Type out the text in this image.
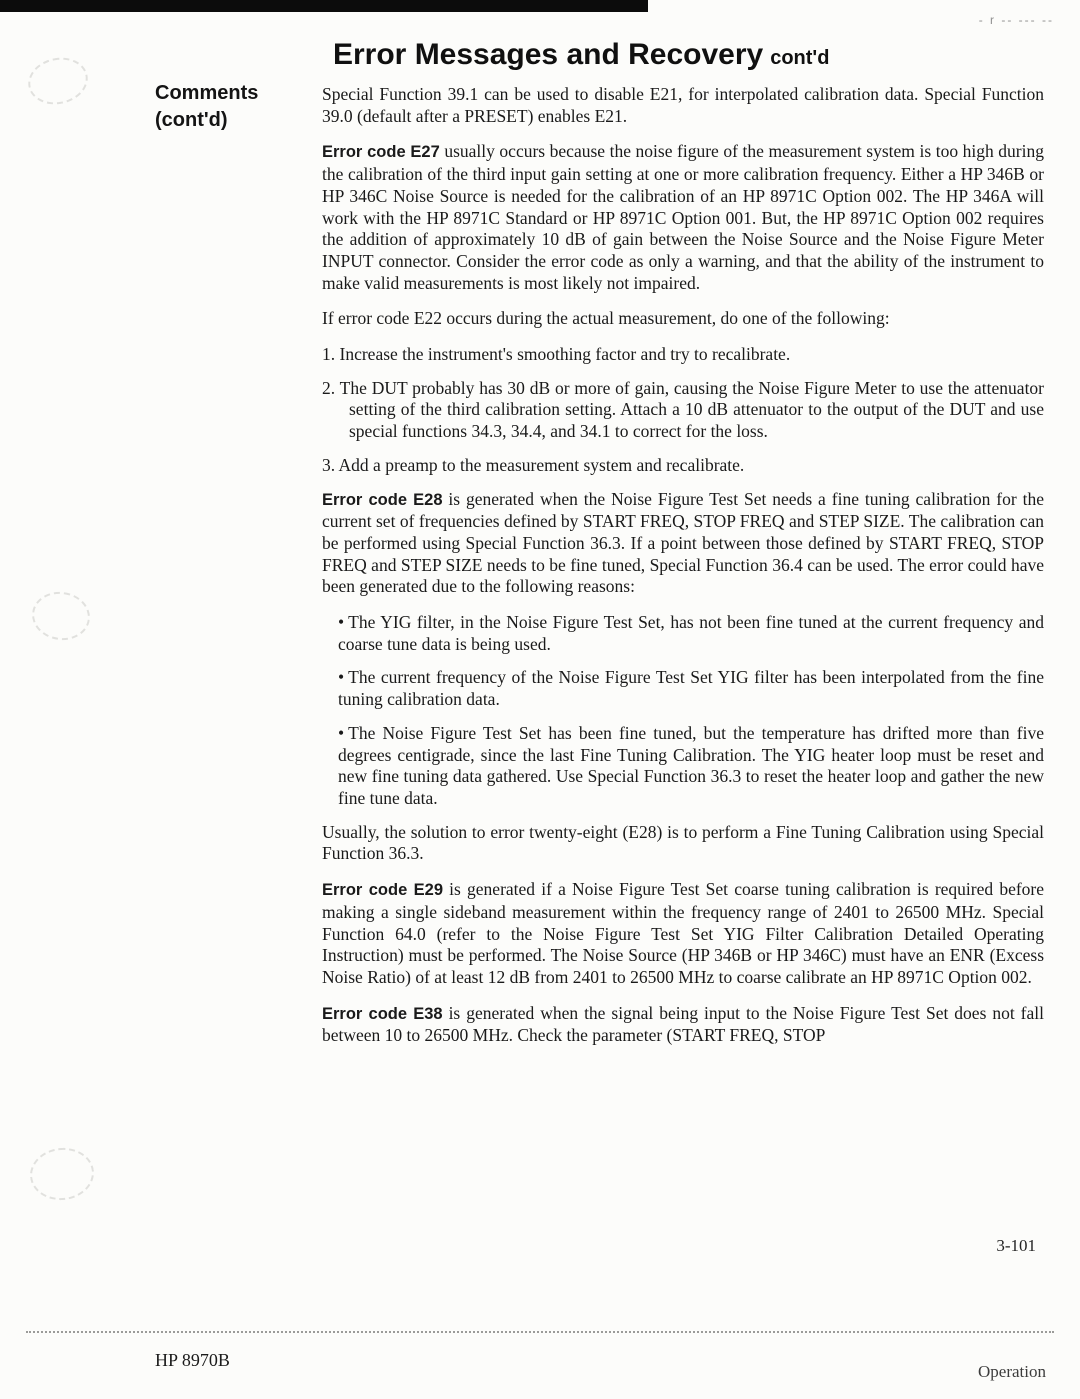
- r -- --- --
Error Messages and Recovery cont'd
Comments
(cont'd)

Special Function 39.1 can be used to disable E21, for interpolated calibration data. Special Function 39.0 (default after a PRESET) enables E21.

Error code E27 usually occurs because the noise figure of the measurement system is too high during the calibration of the third input gain setting at one or more calibration frequency. Either a HP 346B or HP 346C Noise Source is needed for the calibration of an HP 8971C Option 002. The HP 346A will work with the HP 8971C Standard or HP 8971C Option 001. But, the HP 8971C Option 002 requires the addition of approximately 10 dB of gain between the Noise Source and the Noise Figure Meter INPUT connector. Consider the error code as only a warning, and that the ability of the instrument to make valid measurements is most likely not impaired.

If error code E22 occurs during the actual measurement, do one of the following:

1. Increase the instrument's smoothing factor and try to recalibrate.
2. The DUT probably has 30 dB or more of gain, causing the Noise Figure Meter to use the attenuator setting of the third calibration setting. Attach a 10 dB attenuator to the output of the DUT and use special functions 34.3, 34.4, and 34.1 to correct for the loss.
3. Add a preamp to the measurement system and recalibrate.

Error code E28 is generated when the Noise Figure Test Set needs a fine tuning calibration for the current set of frequencies defined by START FREQ, STOP FREQ and STEP SIZE. The calibration can be performed using Special Function 36.3. If a point between those defined by START FREQ, STOP FREQ and STEP SIZE needs to be fine tuned, Special Function 36.4 can be used. The error could have been generated due to the following reasons:

• The YIG filter, in the Noise Figure Test Set, has not been fine tuned at the current frequency and coarse tune data is being used.
• The current frequency of the Noise Figure Test Set YIG filter has been interpolated from the fine tuning calibration data.
• The Noise Figure Test Set has been fine tuned, but the temperature has drifted more than five degrees centigrade, since the last Fine Tuning Calibration. The YIG heater loop must be reset and new fine tuning data gathered. Use Special Function 36.3 to reset the heater loop and gather the new fine tune data.

Usually, the solution to error twenty-eight (E28) is to perform a Fine Tuning Calibration using Special Function 36.3.

Error code E29 is generated if a Noise Figure Test Set coarse tuning calibration is required before making a single sideband measurement within the frequency range of 2401 to 26500 MHz. Special Function 64.0 (refer to the Noise Figure Test Set YIG Filter Calibration Detailed Operating Instruction) must be performed. The Noise Source (HP 346B or HP 346C) must have an ENR (Excess Noise Ratio) of at least 12 dB from 2401 to 26500 MHz to coarse calibrate an HP 8971C Option 002.

Error code E38 is generated when the signal being input to the Noise Figure Test Set does not fall between 10 to 26500 MHz. Check the parameter (START FREQ, STOP

3-101
HP 8970B
Operation
